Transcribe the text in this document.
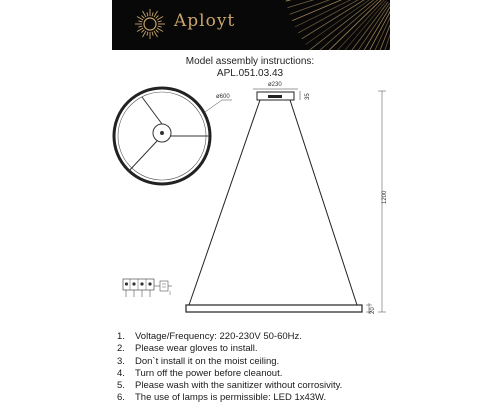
Aployt
Model assembly instructions:
APL.051.03.43
ø600
ø230
35
1200
20
1. Voltage/Frequency: 220-230V 50-60Hz.
2. Please wear gloves to install.
3. Don`t install it on the moist ceiling.
4. Turn off the power before cleanout.
5. Please wash with the sanitizer without corrosivity.
6. The use of lamps is permissible: LED 1x43W.
